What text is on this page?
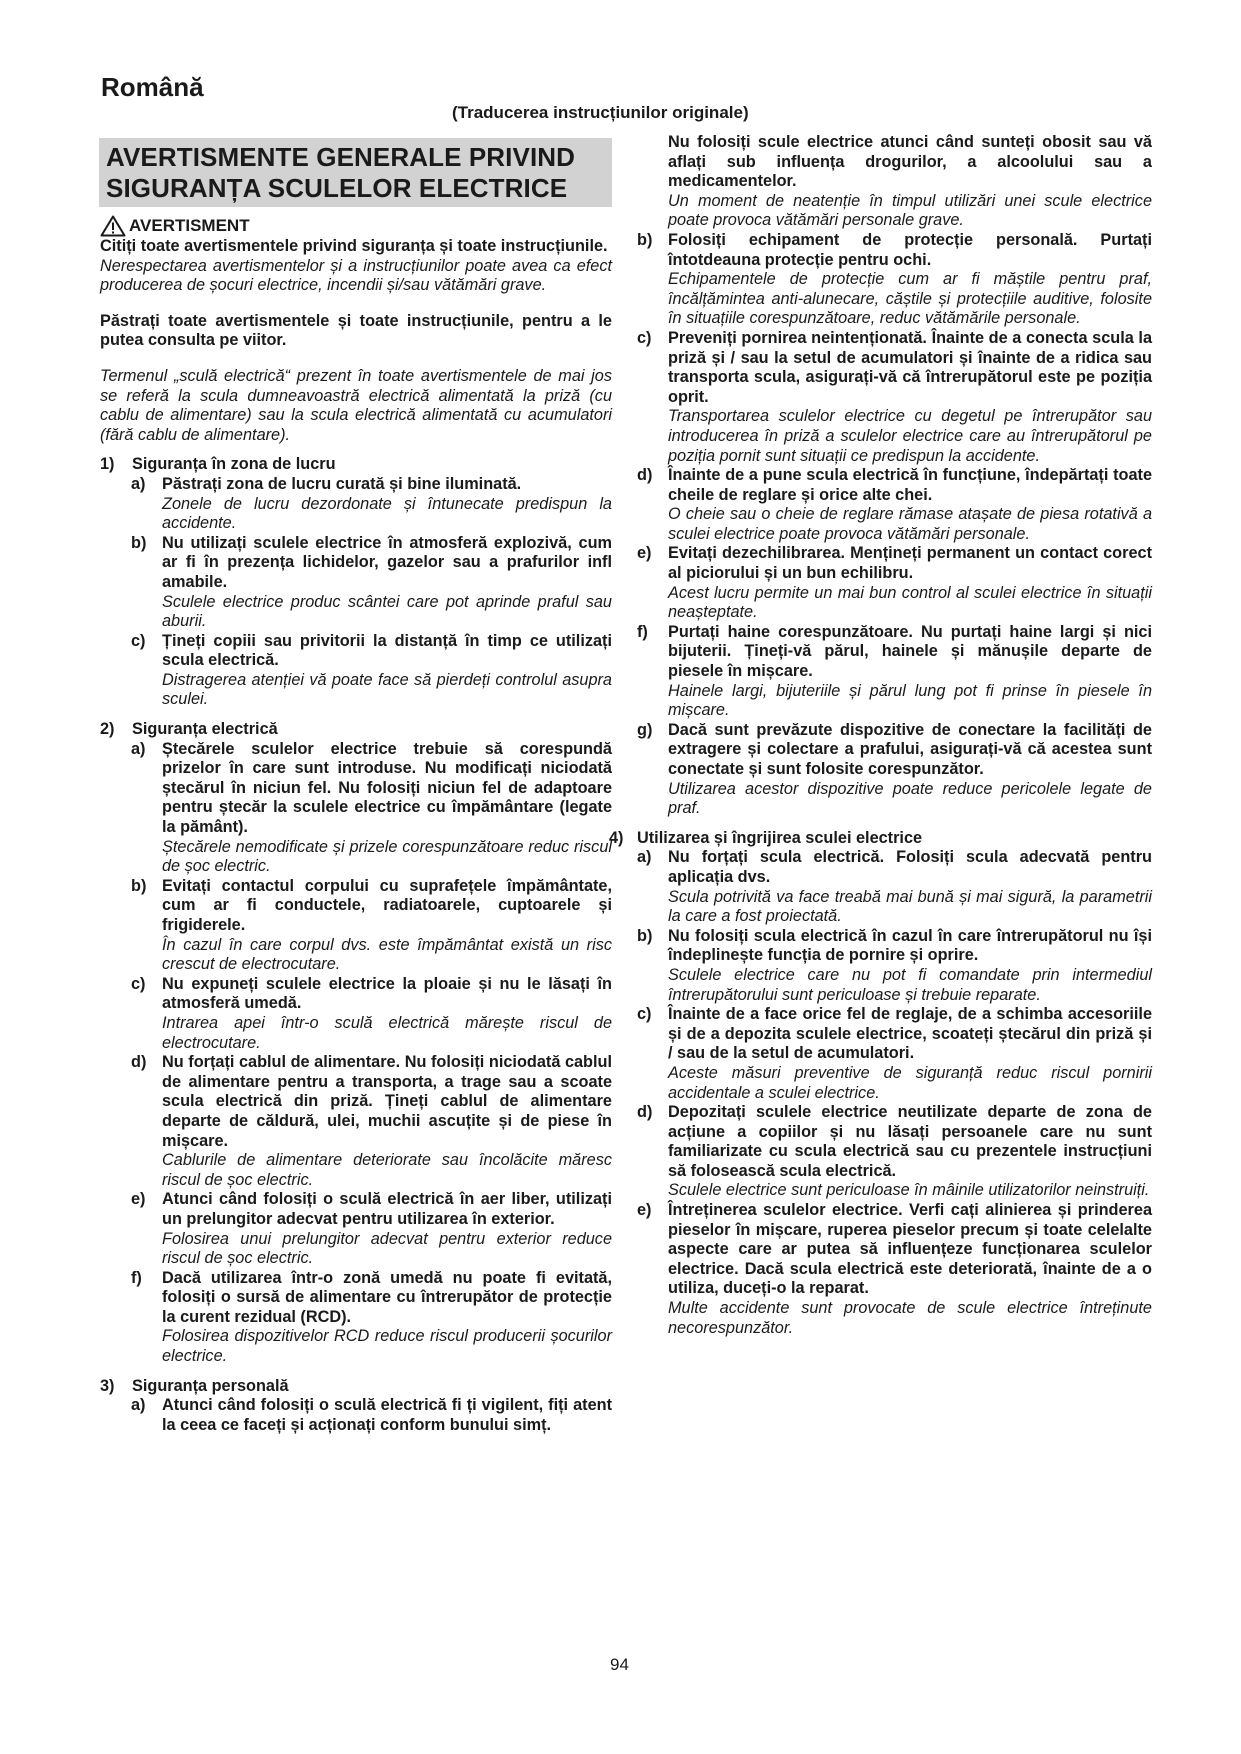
Română

(Traducerea instrucțiunilor originale)

AVERTISMENTE GENERALE PRIVIND
SIGURANȚA SCULELOR ELECTRICE
AVERTISMENT

Citiți toate avertismentele privind siguranța și toate instrucțiunile.

Nerespectarea avertismentelor și a instrucțiunilor poate avea ca efect producerea de șocuri electrice, incendii și/sau vătămări grave.

Păstrați toate avertismentele și toate instrucțiunile, pentru a le putea consulta pe viitor.

Termenul „sculă electrică“ prezent în toate avertismentele de mai jos se referă la scula dumneavoastră electrică alimentată la priză (cu cablu de alimentare) sau la scula electrică alimentată cu acumulatori (fără cablu de alimentare).

1) Siguranța în zona de lucru
a)	Păstrați zona de lucru curată și bine iluminată.

Zonele de lucru dezordonate și întunecate predispun la accidente.

b) Nu utilizați sculele electrice în atmosferă explozivă, cum ar fi în prezența lichidelor, gazelor sau a prafurilor infl amabile.

Sculele electrice produc scântei care pot aprinde praful sau aburii.

c)	Țineți copiii sau privitorii la distanță în timp ce utilizați scula electrică.

Distragerea atenției vă poate face să pierdeți controlul asupra sculei.

2) Siguranța electrică
a)	Ștecărele sculelor electrice trebuie să corespundă prizelor în care sunt introduse. Nu modificați niciodată ștecărul în niciun fel. Nu folosiți niciun fel de adaptoare pentru ștecăr la sculele electrice cu împământare (legate la pământ).

Ștecărele nemodificate și prizele corespunzătoare reduc riscul de șoc electric.

b) Evitați contactul corpului cu suprafețele împământate, cum ar fi conductele, radiatoarele, cuptoarele și frigiderele.

În cazul în care corpul dvs. este împământat există un risc crescut de electrocutare.

c)	Nu expuneți sculele electrice la ploaie și nu le lăsați în atmosferă umedă.

Intrarea apei într-o sculă electrică mărește riscul de electrocutare.

d) Nu forțați cablul de alimentare. Nu folosiți niciodată cablul de alimentare pentru a transporta, a trage sau a scoate scula electrică din priză. Țineți cablul de alimentare departe de căldură, ulei, muchii ascuțite și de piese în mișcare.

Cablurile de alimentare deteriorate sau încolăcite măresc riscul de șoc electric.

e)	Atunci când folosiți o sculă electrică în aer liber, utilizați un prelungitor adecvat pentru utilizarea în exterior.

Folosirea unui prelungitor adecvat pentru exterior reduce riscul de șoc electric.

f)	Dacă utilizarea într-o zonă umedă nu poate fi evitată, folosiți o sursă de alimentare cu întrerupător de protecție la curent rezidual (RCD).

Folosirea dispozitivelor RCD reduce riscul producerii șocurilor electrice.

3) Siguranța personală
a)	Atunci când folosiți o sculă electrică fi ți vigilent, fiți atent la ceea ce faceți și acționați conform bunului simț.

Nu folosiți scule electrice atunci când sunteți obosit sau vă aflați sub influența drogurilor, a alcoolului sau a medicamentelor.

Un moment de neatenție în timpul utilizări unei scule electrice poate provoca vătămări personale grave.

b) Folosiți echipament de protecție personală. Purtați întotdeauna protecție pentru ochi.

Echipamentele de protecție cum ar fi măștile pentru praf, încălțămintea anti-alunecare, căștile și protecțiile auditive, folosite în situațiile corespunzătoare, reduc vătămările personale.

c)	Preveniți pornirea neintenționată. Înainte de a conecta scula la priză și / sau la setul de acumulatori și înainte de a ridica sau transporta scula, asigurați-vă că întrerupătorul este pe poziția oprit.

Transportarea sculelor electrice cu degetul pe întrerupător sau introducerea în priză a sculelor electrice care au întrerupătorul pe poziția pornit sunt situații ce predispun la accidente.

d) Înainte de a pune scula electrică în funcțiune, îndepărtați toate cheile de reglare și orice alte chei.

O cheie sau o cheie de reglare rămase atașate de piesa rotativă a sculei electrice poate provoca vătămări personale.

e)	Evitați dezechilibrarea. Mențineți permanent un contact corect al piciorului și un bun echilibru.

Acest lucru permite un mai bun control al sculei electrice în situații neașteptate.

f)	Purtați haine corespunzătoare. Nu purtați haine largi și nici bijuterii. Țineți-vă părul, hainele și mănușile departe de piesele în mișcare.

Hainele largi, bijuteriile și părul lung pot fi prinse în piesele în mișcare.

g) Dacă sunt prevăzute dispozitive de conectare la facilități de extragere și colectare a prafului, asigurați-vă că acestea sunt conectate și sunt folosite corespunzător.

Utilizarea acestor dispozitive poate reduce pericolele legate de praf.

4) Utilizarea și îngrijirea sculei electrice
a)	Nu forțați scula electrică. Folosiți scula adecvată pentru aplicația dvs.

Scula potrivită va face treabă mai bună și mai sigură, la parametrii la care a fost proiectată.

b) Nu folosiți scula electrică în cazul în care întrerupătorul nu își îndeplinește funcția de pornire și oprire.

Sculele electrice care nu pot fi comandate prin intermediul întrerupătorului sunt periculoase și trebuie reparate.

c)	Înainte de a face orice fel de reglaje, de a schimba accesoriile și de a depozita sculele electrice, scoateți ștecărul din priză și / sau de la setul de acumulatori.

Aceste măsuri preventive de siguranță reduc riscul pornirii accidentale a sculei electrice.

d) Depozitați sculele electrice neutilizate departe de zona de acțiune a copiilor și nu lăsați persoanele care nu sunt familiarizate cu scula electrică sau cu prezentele instrucțiuni să folosească scula electrică.

Sculele electrice sunt periculoase în mâinile utilizatorilor neinstruiți.

e)	Întreținerea sculelor electrice. Verfi cați alinierea și prinderea pieselor în mișcare, ruperea pieselor precum și toate celelalte aspecte care ar putea să influențeze funcționarea sculelor electrice. Dacă scula electrică este deteriorată, înainte de a o utiliza, duceți-o la reparat.

Multe accidente sunt provocate de scule electrice întreținute necorespunzător.

94
